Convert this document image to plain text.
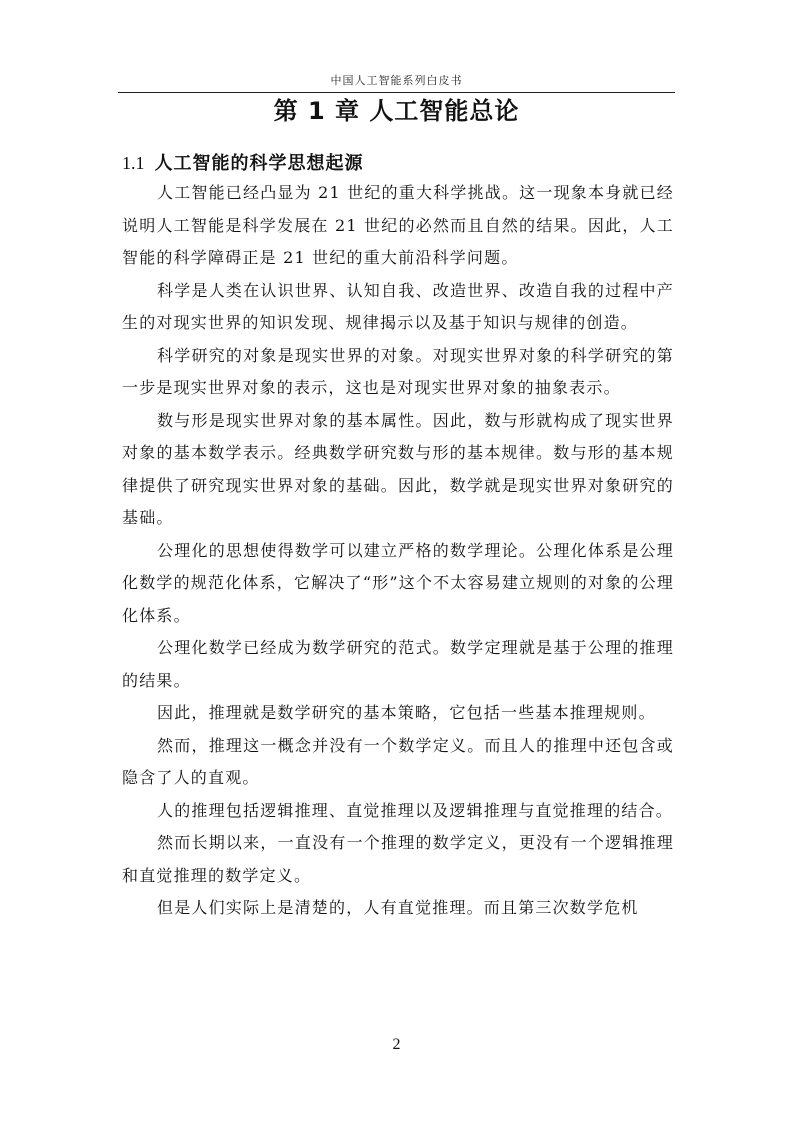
中国人工智能系列白皮书
第 1 章 人工智能总论
1.1 人工智能的科学思想起源

人工智能已经凸显为 21 世纪的重大科学挑战。这一现象本身就已经说明人工智能是科学发展在 21 世纪的必然而且自然的结果。因此，人工智能的科学障碍正是 21 世纪的重大前沿科学问题。

科学是人类在认识世界、认知自我、改造世界、改造自我的过程中产生的对现实世界的知识发现、规律揭示以及基于知识与规律的创造。

科学研究的对象是现实世界的对象。对现实世界对象的科学研究的第一步是现实世界对象的表示，这也是对现实世界对象的抽象表示。

数与形是现实世界对象的基本属性。因此，数与形就构成了现实世界对象的基本数学表示。经典数学研究数与形的基本规律。数与形的基本规律提供了研究现实世界对象的基础。因此，数学就是现实世界对象研究的基础。

公理化的思想使得数学可以建立严格的数学理论。公理化体系是公理化数学的规范化体系，它解决了“形”这个不太容易建立规则的对象的公理化体系。

公理化数学已经成为数学研究的范式。数学定理就是基于公理的推理的结果。

因此，推理就是数学研究的基本策略，它包括一些基本推理规则。

然而，推理这一概念并没有一个数学定义。而且人的推理中还包含或隐含了人的直观。

人的推理包括逻辑推理、直觉推理以及逻辑推理与直觉推理的结合。

然而长期以来，一直没有一个推理的数学定义，更没有一个逻辑推理和直觉推理的数学定义。

但是人们实际上是清楚的，人有直觉推理。而且第三次数学危机

2
